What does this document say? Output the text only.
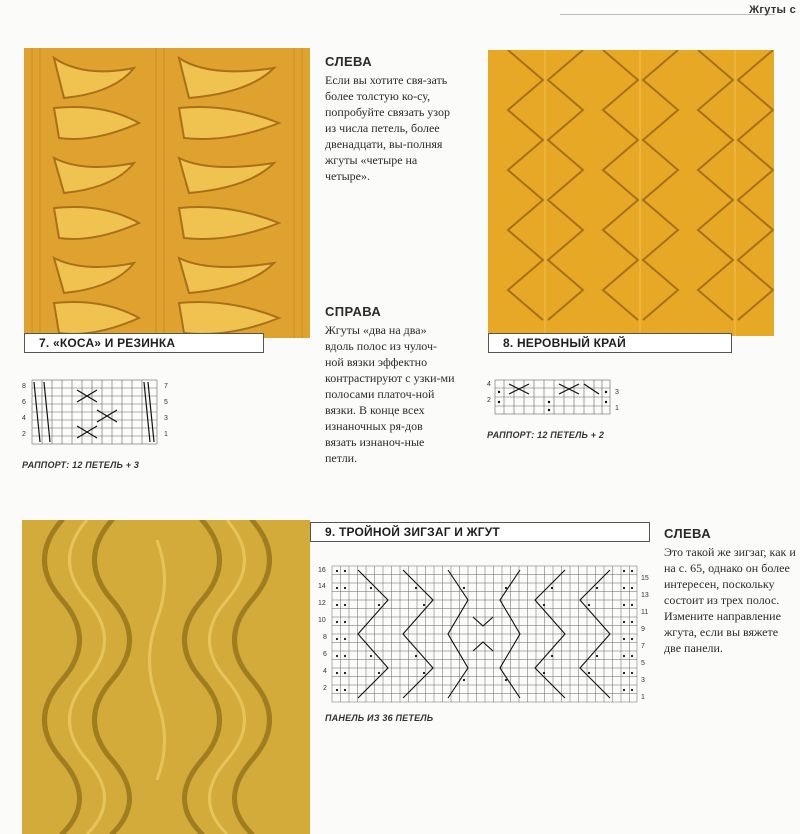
Жгуты с
7. «КОСА» И РЕЗИНКА
8
6
4
2
7
5
3
1
РАППОРТ: 12 ПЕТЕЛЬ + 3
СЛЕВА

Если вы хотите свя-зать более толстую ко-су, попробуйте связать узор из числа петель, более двенадцати, вы-полняя жгуты «четыре на четыре».

СПРАВА

Жгуты «два на два» вдоль полос из чулоч-ной вязки эффектно контрастируют с узки-ми полосами платоч-ной вязки. В конце всех изнаночных ря-дов вязать изнаноч-ные петли.

8. НЕРОВНЫЙ КРАЙ
4
2
3
1
РАППОРТ: 12 ПЕТЕЛЬ + 2
9. ТРОЙНОЙ ЗИГЗАГ И ЖГУТ
16
14
12
10
8
6
4
2
15
13
11
9
7
5
3
1
ПАНЕЛЬ ИЗ 36 ПЕТЕЛЬ
СЛЕВА

Это такой же зигзаг, как и на с. 65, однако он более интересен, поскольку состоит из трех полос. Измените направление жгута, если вы вяжете две панели.
